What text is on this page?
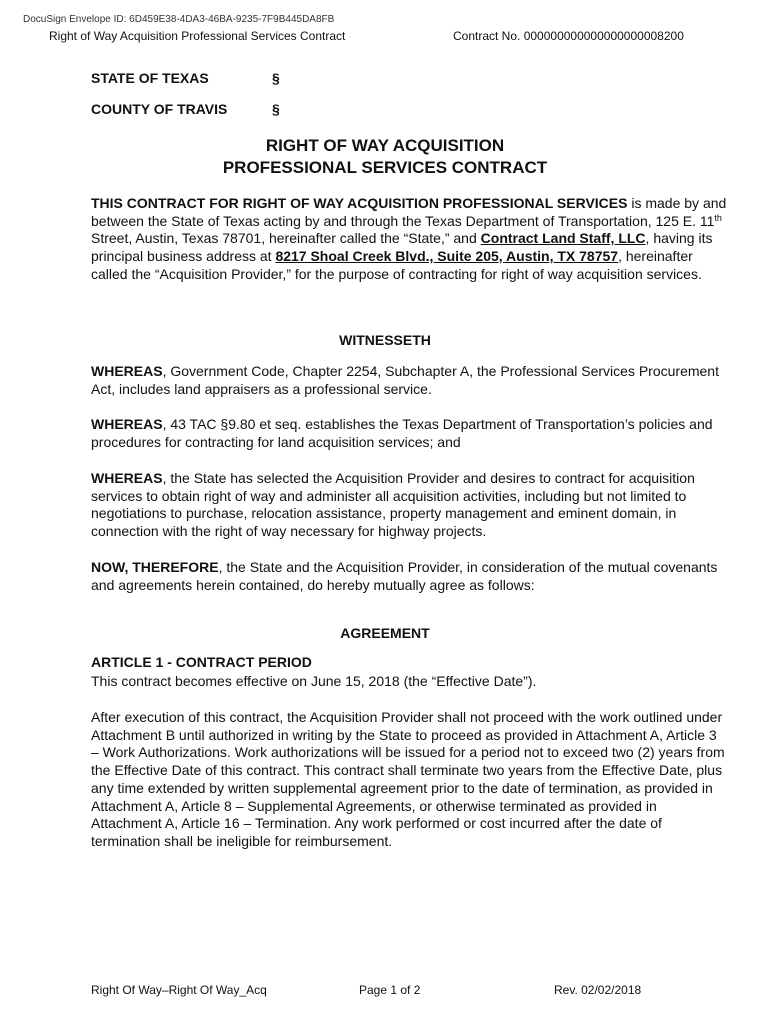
DocuSign Envelope ID: 6D459E38-4DA3-46BA-9235-7F9B445DA8FB
Right of Way Acquisition Professional Services Contract	Contract No. 000000000000000000008200
STATE OF TEXAS	§
COUNTY OF TRAVIS	§
RIGHT OF WAY ACQUISITION
PROFESSIONAL SERVICES CONTRACT
THIS CONTRACT FOR RIGHT OF WAY ACQUISITION PROFESSIONAL SERVICES is made by and between the State of Texas acting by and through the Texas Department of Transportation, 125 E. 11th Street, Austin, Texas 78701, hereinafter called the “State,” and Contract Land Staff, LLC, having its principal business address at 8217 Shoal Creek Blvd., Suite 205, Austin, TX 78757, hereinafter called the “Acquisition Provider,” for the purpose of contracting for right of way acquisition services.
WITNESSETH
WHEREAS, Government Code, Chapter 2254, Subchapter A, the Professional Services Procurement Act, includes land appraisers as a professional service.
WHEREAS, 43 TAC §9.80 et seq. establishes the Texas Department of Transportation’s policies and procedures for contracting for land acquisition services; and
WHEREAS, the State has selected the Acquisition Provider and desires to contract for acquisition services to obtain right of way and administer all acquisition activities, including but not limited to negotiations to purchase, relocation assistance, property management and eminent domain, in connection with the right of way necessary for highway projects.
NOW, THEREFORE, the State and the Acquisition Provider, in consideration of the mutual covenants and agreements herein contained, do hereby mutually agree as follows:
AGREEMENT
ARTICLE 1 - CONTRACT PERIOD
This contract becomes effective on June 15, 2018 (the “Effective Date”).
After execution of this contract, the Acquisition Provider shall not proceed with the work outlined under Attachment B until authorized in writing by the State to proceed as provided in Attachment A, Article 3 – Work Authorizations. Work authorizations will be issued for a period not to exceed two (2) years from the Effective Date of this contract. This contract shall terminate two years from the Effective Date, plus any time extended by written supplemental agreement prior to the date of termination, as provided in Attachment A, Article 8 – Supplemental Agreements, or otherwise terminated as provided in Attachment A, Article 16 – Termination. Any work performed or cost incurred after the date of termination shall be ineligible for reimbursement.
Right Of Way–Right Of Way_Acq	Page 1 of 2	Rev. 02/02/2018
